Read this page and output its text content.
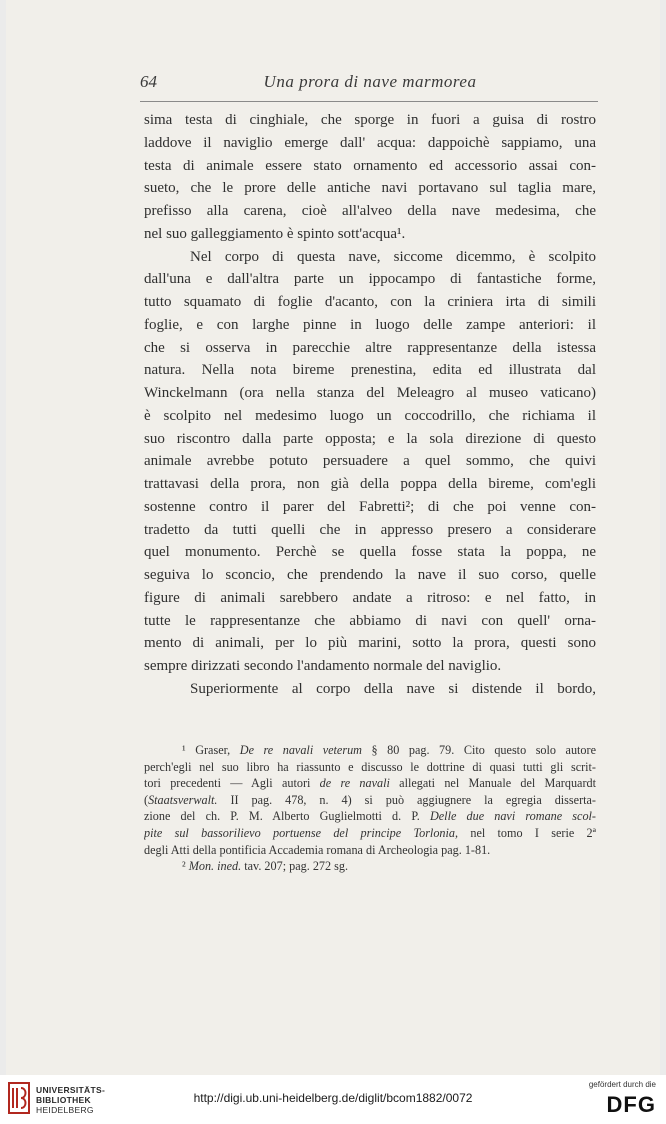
64	Una prora di nave marmorea
sima testa di cinghiale, che sporge in fuori a guisa di rostro
laddove il naviglio emerge dall' acqua: dappoichè sappiamo, una
testa di animale essere stato ornamento ed accessorio assai con-
sueto, che le prore delle antiche navi portavano sul taglia mare,
prefisso alla carena, cioè all'alveo della nave medesima, che
nel suo galleggiamento è spinto sott'acqua¹.
Nel corpo di questa nave, siccome dicemmo, è scolpito
dall'una e dall'altra parte un ippocampo di fantastiche forme,
tutto squamato di foglie d'acanto, con la criniera irta di simili
foglie, e con larghe pinne in luogo delle zampe anteriori: il
che si osserva in parecchie altre rappresentanze della istessa
natura. Nella nota bireme prenestina, edita ed illustrata dal
Winckelmann (ora nella stanza del Meleagro al museo vaticano)
è scolpito nel medesimo luogo un coccodrillo, che richiama il
suo riscontro dalla parte opposta; e la sola direzione di questo
animale avrebbe potuto persuadere a quel sommo, che quivi
trattavasi della prora, non già della poppa della bireme, com'egli
sostenne contro il parer del Fabretti²; di che poi venne con-
tradetto da tutti quelli che in appresso presero a considerare
quel monumento. Perchè se quella fosse stata la poppa, ne
seguiva lo sconcio, che prendendo la nave il suo corso, quelle
figure di animali sarebbero andate a ritroso: e nel fatto, in
tutte le rappresentanze che abbiamo di navi con quell' orna-
mento di animali, per lo più marini, sotto la prora, questi sono
sempre dirizzati secondo l'andamento normale del naviglio.
Superiormente al corpo della nave si distende il bordo,
¹ Graser, De re navali veterum § 80 pag. 79. Cito questo solo autore
perch'egli nel suo libro ha riassunto e discusso le dottrine di quasi tutti gli scrit-
tori precedenti — Agli autori de re navali allegati nel Manuale del Marquardt
(Staatsverwalt. II pag. 478, n. 4) si può aggiugnere la egregia disserta-
zione del ch. P. M. Alberto Guglielmotti d. P. Delle due navi romane scol-
pite sul bassorilievo portuense del principe Torlonia, nel tomo I serie 2ª
degli Atti della pontificia Accademia romana di Archeologia pag. 1-81.
² Mon. ined. tav. 207; pag. 272 sg.
UNIVERSITÄTS-
BIBLIOTHEK
HEIDELBERG
http://digi.ub.uni-heidelberg.de/diglit/bcom1882/0072
gefördert durch die
DFG
